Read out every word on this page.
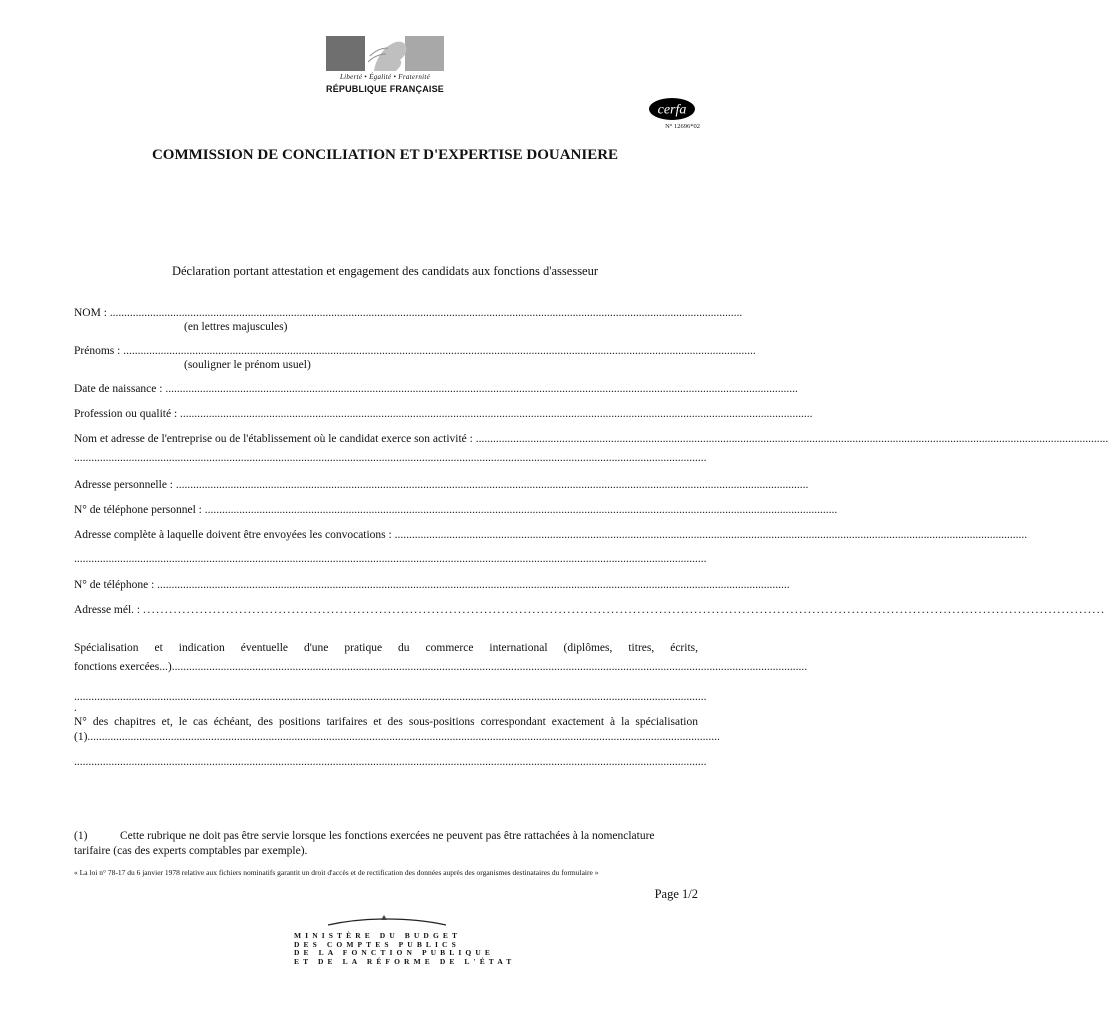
Liberté • Égalité • Fraternité
RÉPUBLIQUE FRANÇAISE
cerfa
N° 12696*02
COMMISSION DE CONCILIATION ET D'EXPERTISE DOUANIERE
Déclaration portant attestation et engagement des candidats aux fonctions d'assesseur
NOM : ............................................................................................................................................................................................................................
(en lettres majuscules)
Prénoms : ............................................................................................................................................................................................................................
(souligner le prénom usuel)
Date de naissance : ............................................................................................................................................................................................................................
Profession ou qualité : ............................................................................................................................................................................................................................
Nom et adresse de l'entreprise ou de l'établissement où le candidat exerce son activité : ............................................................................................................................................................................................................................
............................................................................................................................................................................................................................
Adresse personnelle : ............................................................................................................................................................................................................................
N° de téléphone personnel : ............................................................................................................................................................................................................................
Adresse complète à laquelle doivent être envoyées les convocations : ............................................................................................................................................................................................................................
............................................................................................................................................................................................................................
N° de téléphone : ............................................................................................................................................................................................................................
Adresse mél. : ............................................................................................................................................................................................................................
Spécialisation et indication éventuelle d'une pratique du commerce international (diplômes, titres, écrits,
fonctions exercées...).............................................................................................................................................................................................................................
............................................................................................................................................................................................................................
.
N° des chapitres et, le cas échéant, des positions tarifaires et des sous-positions correspondant exactement à la spécialisation
(1)............................................................................................................................................................................................................................
............................................................................................................................................................................................................................
(1)	Cette rubrique ne doit pas être servie lorsque les fonctions exercées ne peuvent pas être rattachées à la nomenclature
tarifaire (cas des experts comptables par exemple).
« La loi n° 78-17 du 6 janvier 1978 relative aux fichiers nominatifs garantit un droit d'accès et de rectification des données auprès des organismes destinataires du formulaire »
Page 1/2
MINISTÈRE DU BUDGET
DES COMPTES PUBLICS
DE LA FONCTION PUBLIQUE
ET DE LA RÉFORME DE L'ÉTAT
